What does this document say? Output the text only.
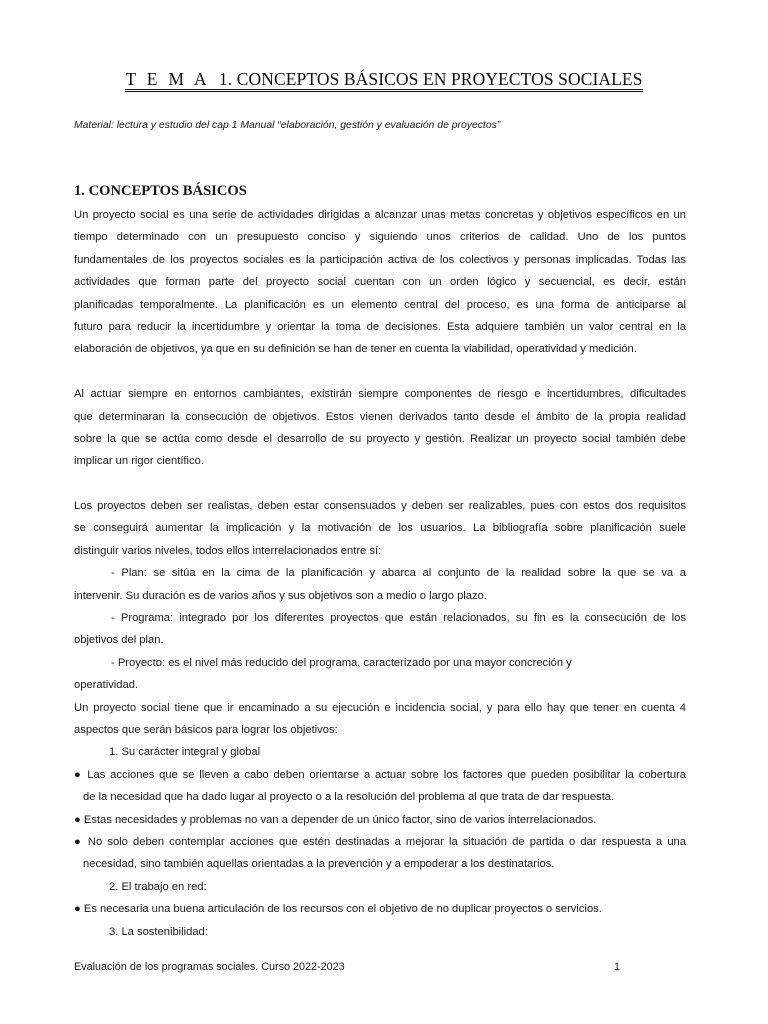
T E M A 1. CONCEPTOS BÁSICOS EN PROYECTOS SOCIALES
Material: lectura y estudio del cap 1 Manual “elaboración, gestión y evaluación de proyectos”
1. CONCEPTOS BÁSICOS
Un proyecto social es una serie de actividades dirigidas a alcanzar unas metas concretas y objetivos específicos en un
tiempo determinado con un presupuesto conciso y siguiendo unos criterios de calidad. Uno de los puntos
fundamentales de los proyectos sociales es la participación activa de los colectivos y personas implicadas. Todas las
actividades que forman parte del proyecto social cuentan con un orden lógico y secuencial, es decir, están
planificadas temporalmente. La planificación es un elemento central del proceso, es una forma de anticiparse al
futuro para reducir la incertidumbre y orientar la toma de decisiones. Esta adquiere también un valor central en la
elaboración de objetivos, ya que en su definición se han de tener en cuenta la viabilidad, operatividad y medición.
Al actuar siempre en entornos cambiantes, existirán siempre componentes de riesgo e incertidumbres, dificultades
que determinaran la consecución de objetivos. Estos vienen derivados tanto desde el ámbito de la propia realidad
sobre la que se actúa como desde el desarrollo de su proyecto y gestión. Realizar un proyecto social también debe
implicar un rigor científico.
Los proyectos deben ser realistas, deben estar consensuados y deben ser realizables, pues con estos dos requisitos
se conseguirá aumentar la implicación y la motivación de los usuarios. La bibliografía sobre planificación suele
distinguir varios niveles, todos ellos interrelacionados entre sí:
- Plan: se sitúa en la cima de la planificación y abarca al conjunto de la realidad sobre la que se va a
intervenir. Su duración es de varios años y sus objetivos son a medio o largo plazo.
- Programa: integrado por los diferentes proyectos que están relacionados, su fin es la consecución de los
objetivos del plan.
- Proyecto: es el nivel más reducido del programa, caracterizado por una mayor concreción y
operatividad.
Un proyecto social tiene que ir encaminado a su ejecución e incidencia social, y para ello hay que tener en cuenta 4
aspectos que serán básicos para lograr los objetivos:
1. Su carácter integral y global
● Las acciones que se lleven a cabo deben orientarse a actuar sobre los factores que pueden posibilitar la cobertura
de la necesidad que ha dado lugar al proyecto o a la resolución del problema al que trata de dar respuesta.
● Estas necesidades y problemas no van a depender de un único factor, sino de varios interrelacionados.
● No solo deben contemplar acciones que estén destinadas a mejorar la situación de partida o dar respuesta a una
necesidad, sino también aquellas orientadas a la prevención y a empoderar a los destinatarios.
2. El trabajo en red:
● Es necesaria una buena articulación de los recursos con el objetivo de no duplicar proyectos o servicios.
3. La sostenibilidad:
Evaluación de los programas sociales. Curso 2022-2023	1
